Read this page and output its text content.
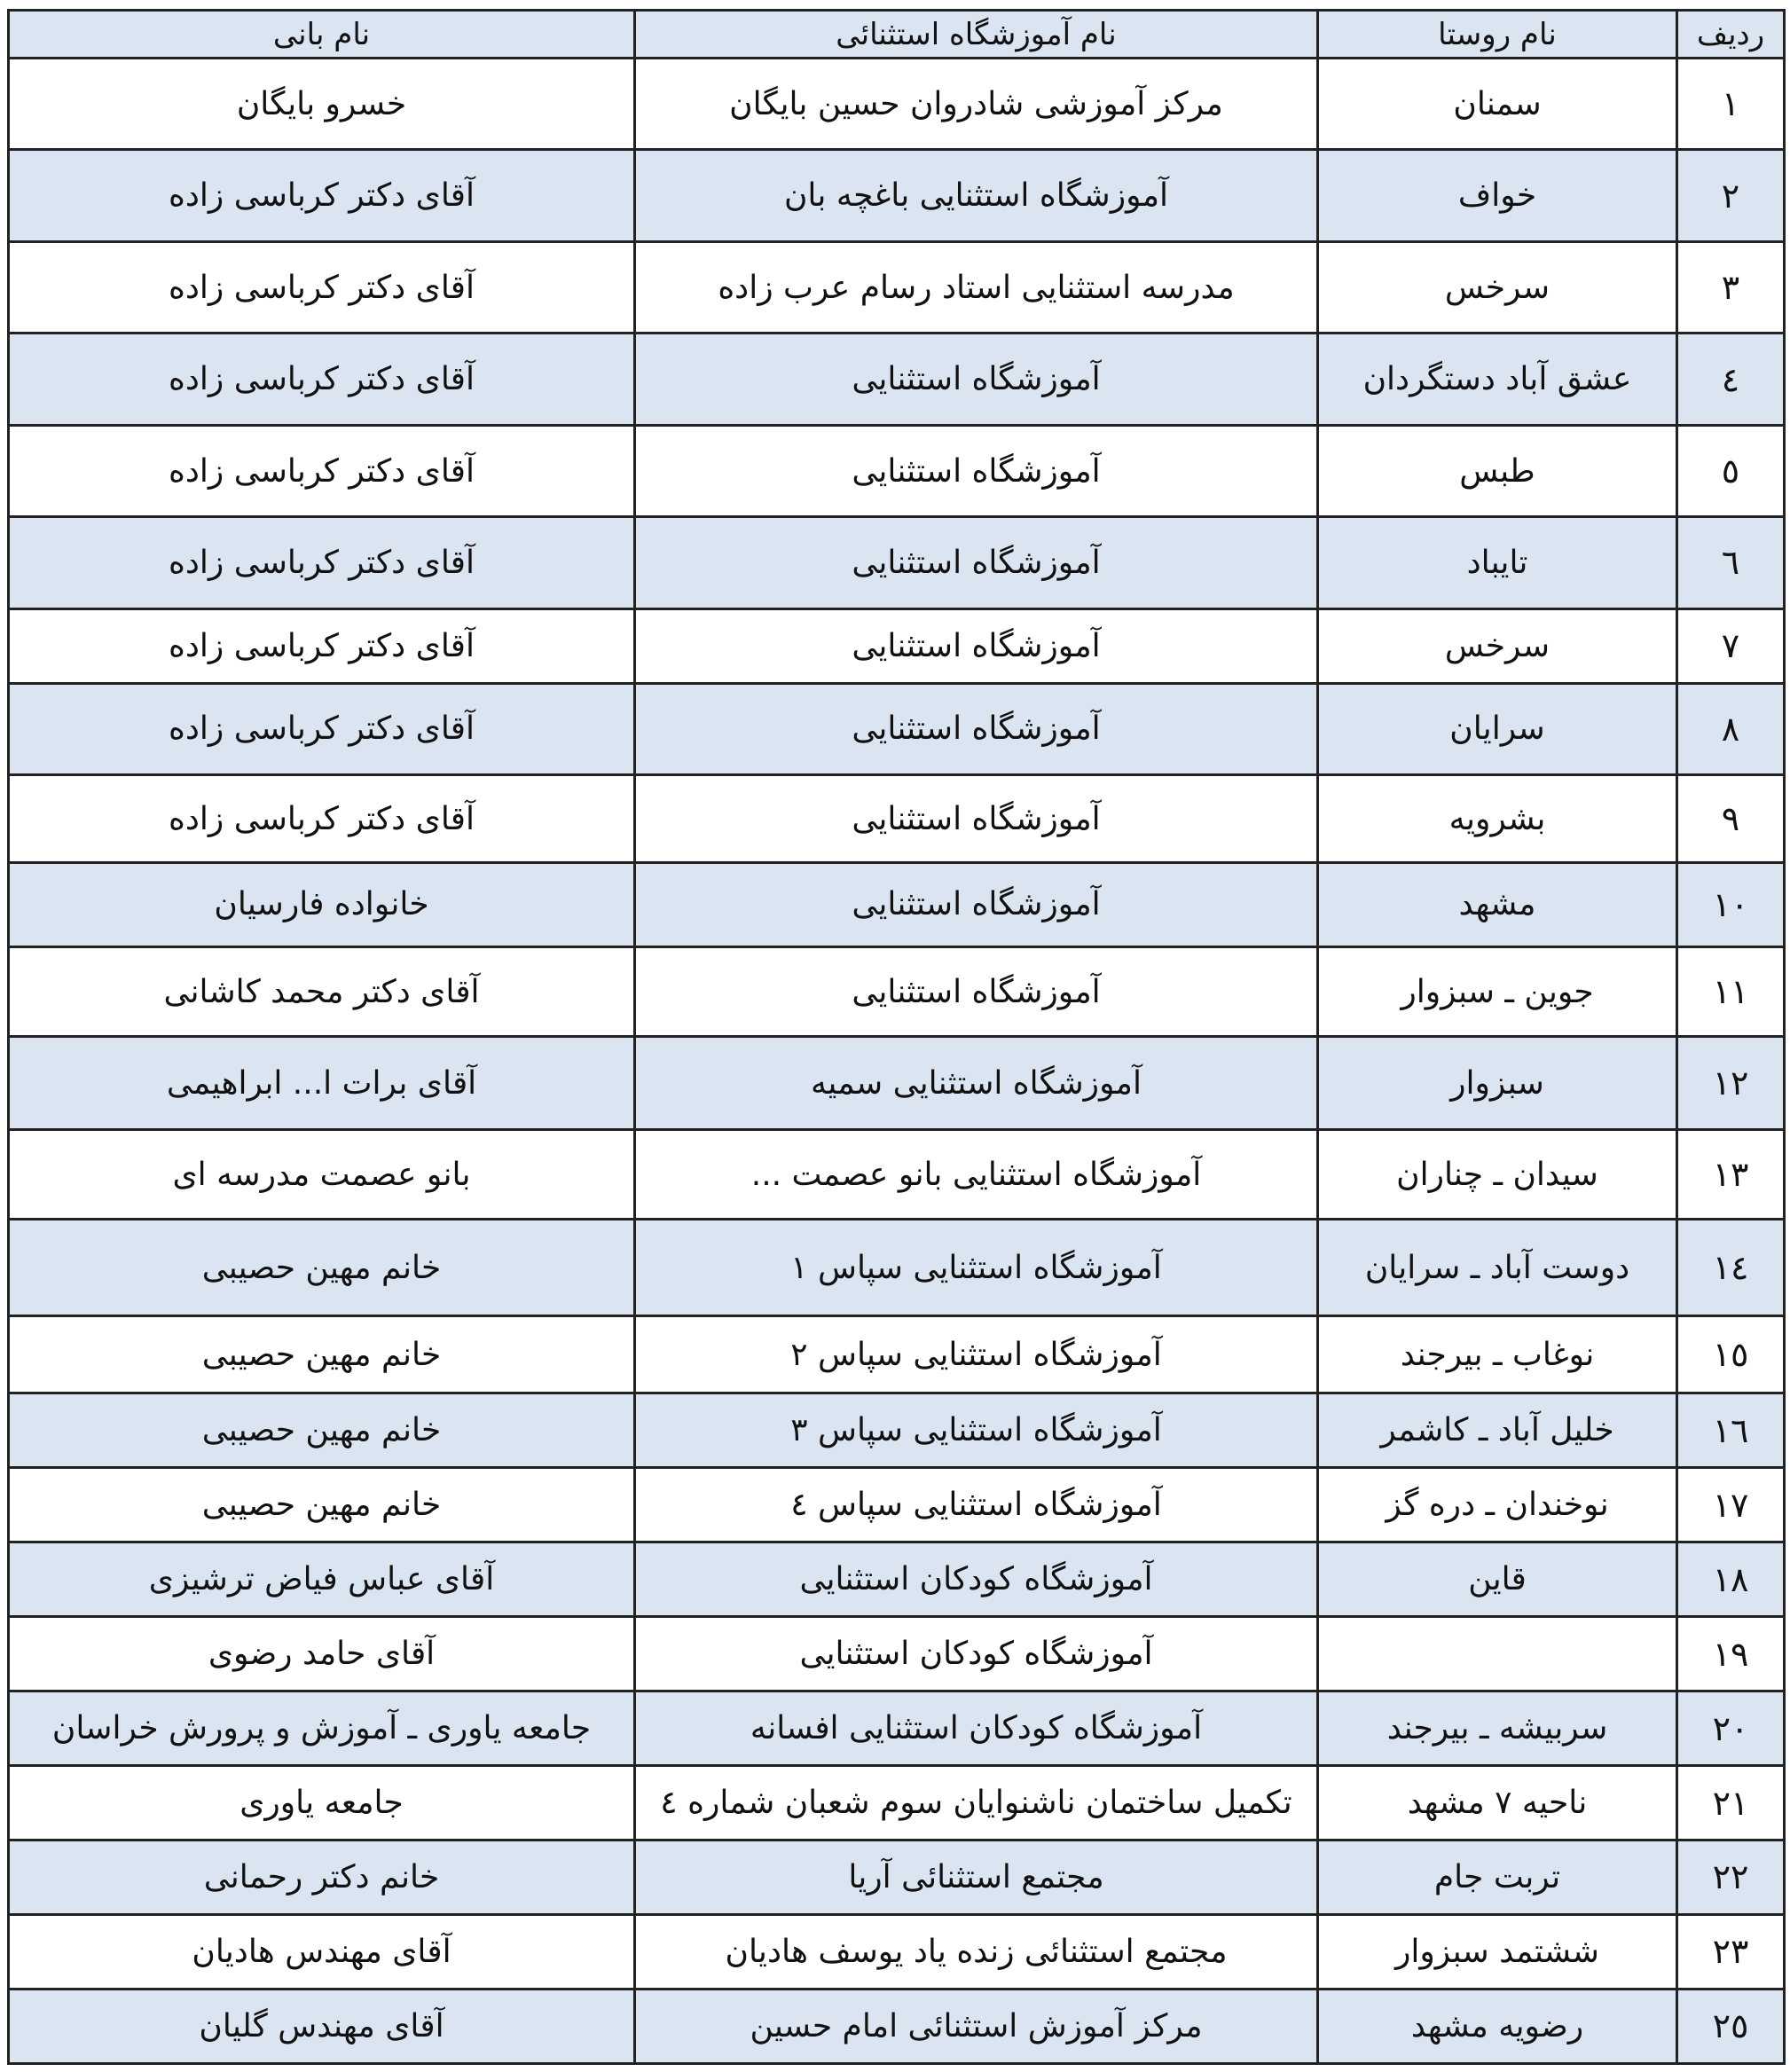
ردیف	نام روستا	نام آموزشگاه استثنائی	نام بانی
۱	سمنان	مرکز آموزشی شادروان حسین بایگان	خسرو بایگان
۲	خواف	آموزشگاه استثنایی باغچه بان	آقای دکتر کرباسی زاده
۳	سرخس	مدرسه استثنایی استاد رسام عرب زاده	آقای دکتر کرباسی زاده
٤	عشق آباد دستگردان	آموزشگاه استثنایی	آقای دکتر کرباسی زاده
٥	طبس	آموزشگاه استثنایی	آقای دکتر کرباسی زاده
٦	تایباد	آموزشگاه استثنایی	آقای دکتر کرباسی زاده
۷	سرخس	آموزشگاه استثنایی	آقای دکتر کرباسی زاده
۸	سرایان	آموزشگاه استثنایی	آقای دکتر کرباسی زاده
۹	بشرویه	آموزشگاه استثنایی	آقای دکتر کرباسی زاده
۱۰	مشهد	آموزشگاه استثنایی	خانواده فارسیان
۱۱	جوین ـ سبزوار	آموزشگاه استثنایی	آقای دکتر محمد کاشانی
۱۲	سبزوار	آموزشگاه استثنایی سمیه	آقای برات ا... ابراهیمی
۱۳	سیدان ـ چناران	آموزشگاه استثنایی بانو عصمت ...	بانو عصمت مدرسه ای
۱٤	دوست آباد ـ سرایان	آموزشگاه استثنایی سپاس ۱	خانم مهین حصیبی
۱٥	نوغاب ـ بیرجند	آموزشگاه استثنایی سپاس ۲	خانم مهین حصیبی
۱٦	خلیل آباد ـ کاشمر	آموزشگاه استثنایی سپاس ۳	خانم مهین حصیبی
۱۷	نوخندان ـ دره گز	آموزشگاه استثنایی سپاس ٤	خانم مهین حصیبی
۱۸	قاین	آموزشگاه کودکان استثنایی	آقای عباس فیاض ترشیزی
۱۹		آموزشگاه کودکان استثنایی	آقای حامد رضوی
۲۰	سربیشه ـ بیرجند	آموزشگاه کودکان استثنایی افسانه	جامعه یاوری ـ آموزش و پرورش خراسان
۲۱	ناحیه ۷ مشهد	تکمیل ساختمان ناشنوایان سوم شعبان شماره ٤	جامعه یاوری
۲۲	تربت جام	مجتمع استثنائی آریا	خانم دکتر رحمانی
۲۳	ششتمد سبزوار	مجتمع استثنائی زنده یاد یوسف هادیان	آقای مهندس هادیان
۲٥	رضویه مشهد	مرکز آموزش استثنائی امام حسین	آقای مهندس گلیان
